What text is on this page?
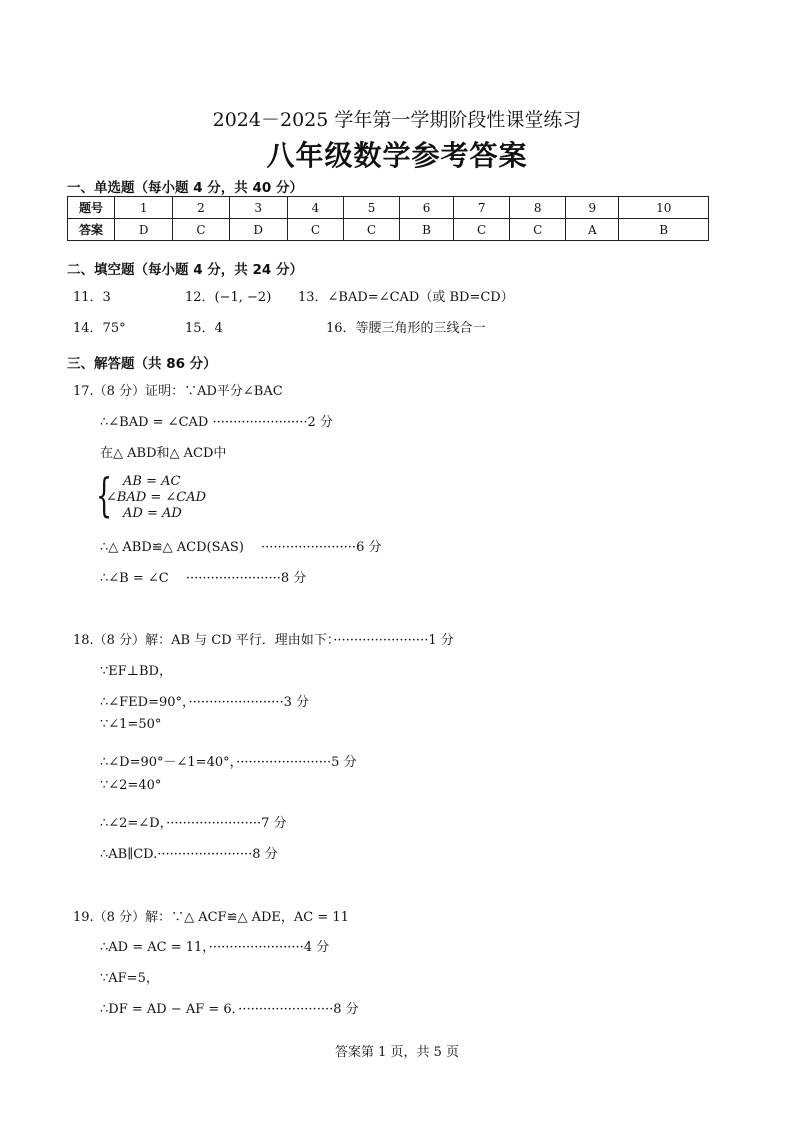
2024－2025 学年第一学期阶段性课堂练习
八年级数学参考答案
一、单选题（每小题 4 分，共 40 分）
题号	1	2	3	4	5	6	7	8	9	10
答案	D	C	D	C	C	B	C	C	A	B
二、填空题（每小题 4 分，共 24 分）
11．3	12．(−1, −2) 13．∠BAD=∠CAD（或 BD=CD）
14．75°	15．4	16．等腰三角形的三线合一
三、解答题（共 86 分）
17.（8 分）证明：∵AD平分∠BAC
∴∠BAD = ∠CAD ·······················2 分
在△ ABD和△ ACD中
{ AB = AC
∠BAD = ∠CAD
AD = AD
∴△ ABD≌△ ACD(SAS)　 ·······················6 分
∴∠B = ∠C　 ·······················8 分
18.（8 分）解：AB 与 CD 平行．理由如下：·······················1 分
∵EF⊥BD，
∴∠FED=90°，·······················3 分
∵∠1=50°
∴∠D=90°－∠1=40°，·······················5 分
∵∠2=40°
∴∠2=∠D，·······················7 分
∴AB∥CD.·······················8 分
19.（8 分）解：∵△ ACF≌△ ADE，AC = 11
∴AD = AC = 11，·······················4 分
∵AF=5，
∴DF = AD − AF = 6．·······················8 分
答案第 1 页，共 5 页
